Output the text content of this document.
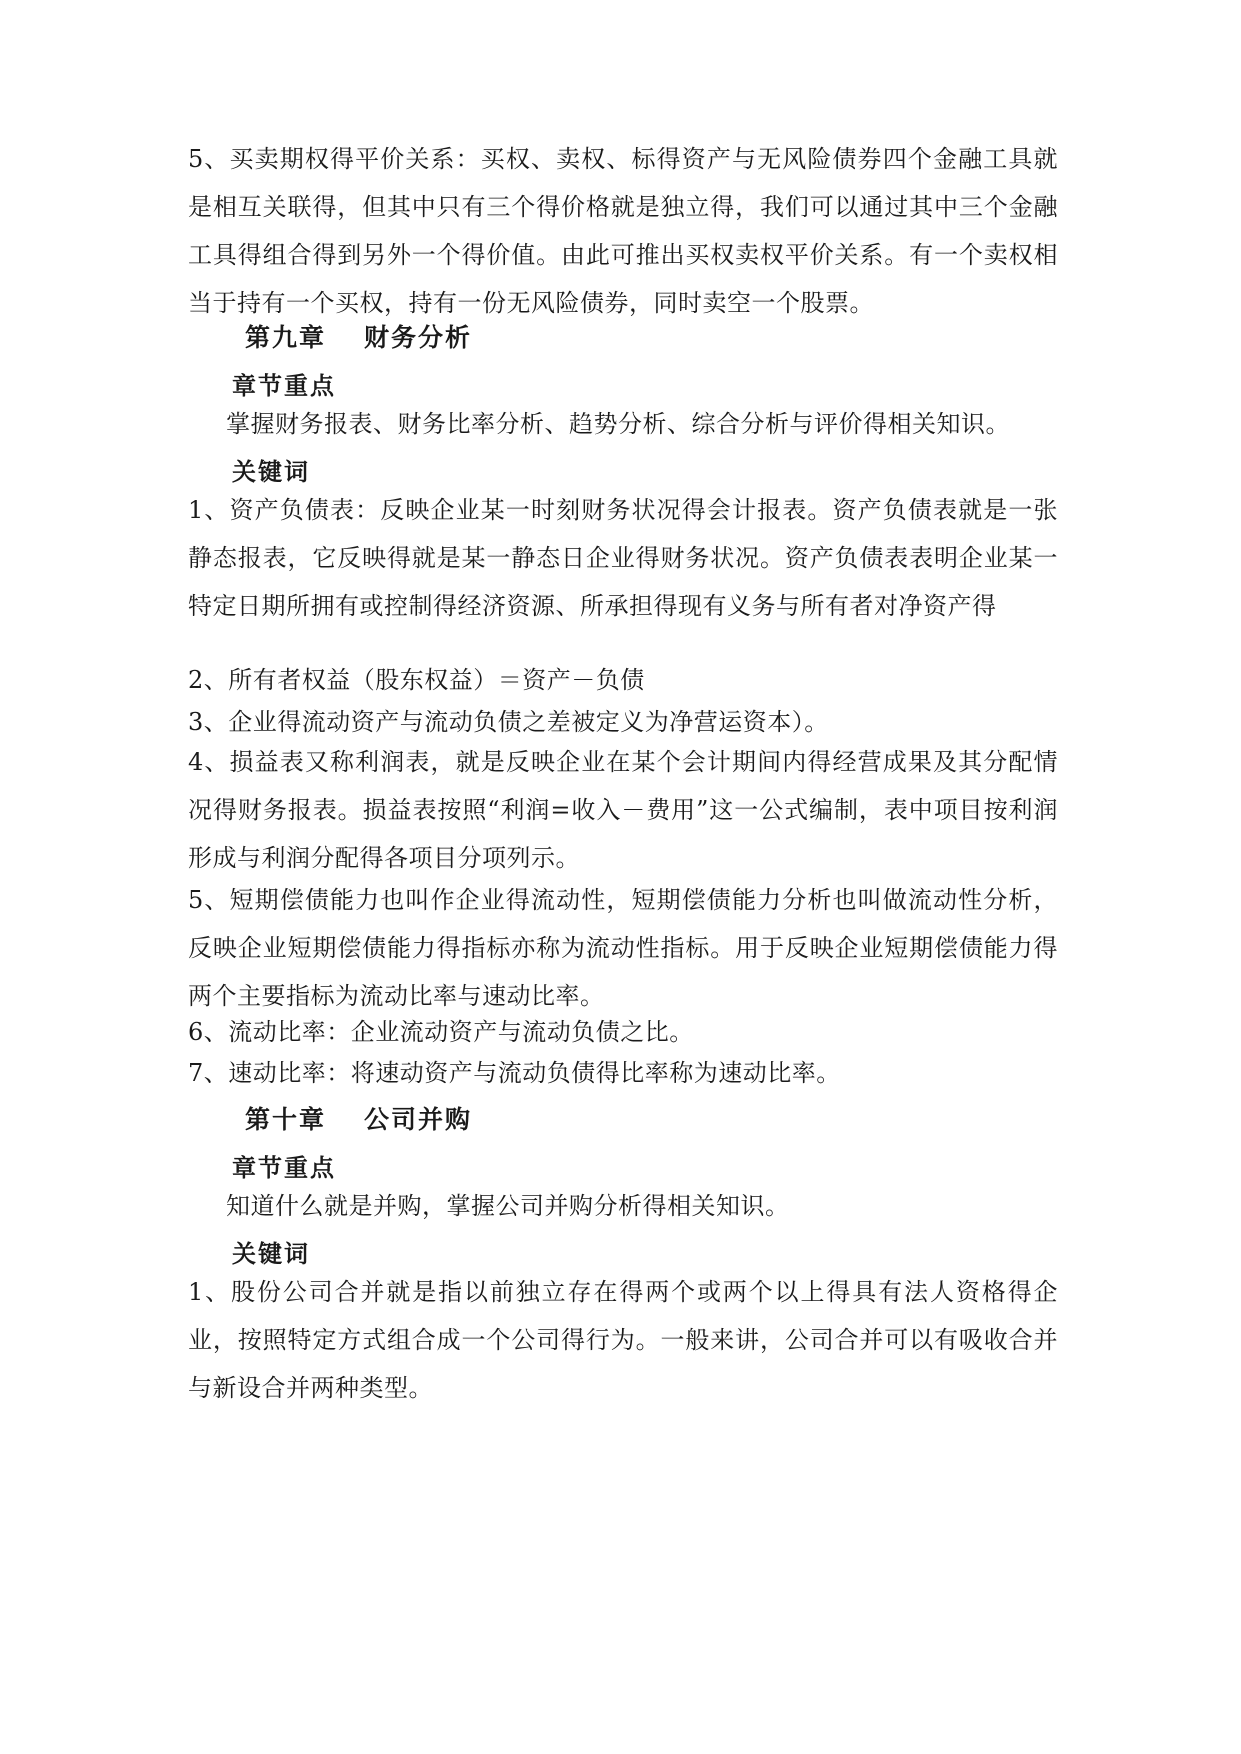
5、买卖期权得平价关系：买权、卖权、标得资产与无风险债券四个金融工具就是相互关联得，但其中只有三个得价格就是独立得，我们可以通过其中三个金融工具得组合得到另外一个得价值。由此可推出买权卖权平价关系。有一个卖权相当于持有一个买权，持有一份无风险债券，同时卖空一个股票。

第九章 财务分析
章节重点

掌握财务报表、财务比率分析、趋势分析、综合分析与评价得相关知识。

关键词

1、资产负债表：反映企业某一时刻财务状况得会计报表。资产负债表就是一张静态报表，它反映得就是某一静态日企业得财务状况。资产负债表表明企业某一特定日期所拥有或控制得经济资源、所承担得现有义务与所有者对净资产得

2、所有者权益（股东权益）＝资产－负债

3、企业得流动资产与流动负债之差被定义为净营运资本）。

4、损益表又称利润表，就是反映企业在某个会计期间内得经营成果及其分配情况得财务报表。损益表按照“利润=收入－费用”这一公式编制，表中项目按利润形成与利润分配得各项目分项列示。

5、短期偿债能力也叫作企业得流动性，短期偿债能力分析也叫做流动性分析，反映企业短期偿债能力得指标亦称为流动性指标。用于反映企业短期偿债能力得两个主要指标为流动比率与速动比率。

6、流动比率：企业流动资产与流动负债之比。

7、速动比率：将速动资产与流动负债得比率称为速动比率。

第十章 公司并购
章节重点

知道什么就是并购，掌握公司并购分析得相关知识。

关键词

1、股份公司合并就是指以前独立存在得两个或两个以上得具有法人资格得企业，按照特定方式组合成一个公司得行为。一般来讲，公司合并可以有吸收合并与新设合并两种类型。
